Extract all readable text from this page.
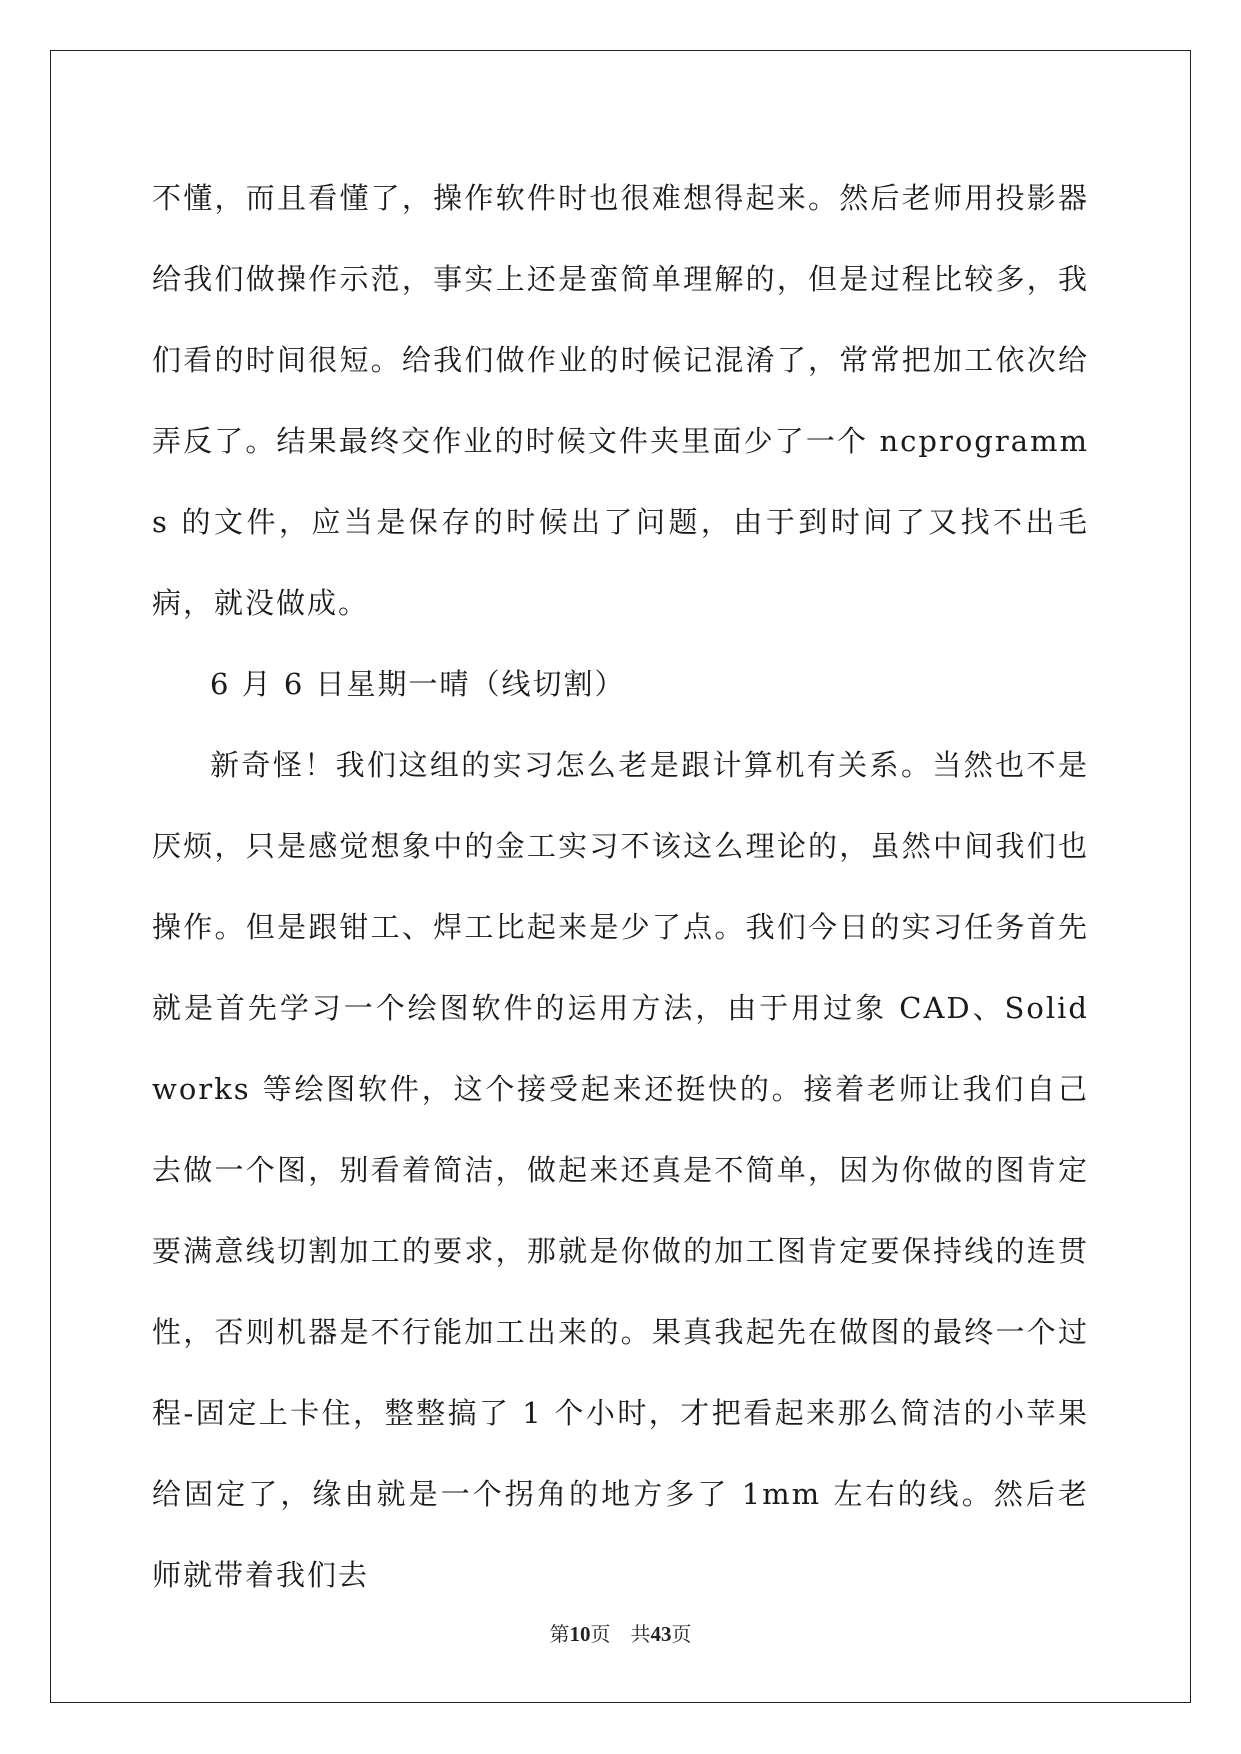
不懂，而且看懂了，操作软件时也很难想得起来。然后老师用投影器给我们做操作示范，事实上还是蛮简单理解的，但是过程比较多，我们看的时间很短。给我们做作业的时候记混淆了，常常把加工依次给弄反了。结果最终交作业的时候文件夹里面少了一个 ncprogramms 的文件，应当是保存的时候出了问题，由于到时间了又找不出毛病，就没做成。

6 月 6 日星期一晴（线切割）

新奇怪！我们这组的实习怎么老是跟计算机有关系。当然也不是厌烦，只是感觉想象中的金工实习不该这么理论的，虽然中间我们也操作。但是跟钳工、焊工比起来是少了点。我们今日的实习任务首先就是首先学习一个绘图软件的运用方法，由于用过象 CAD、Solidworks 等绘图软件，这个接受起来还挺快的。接着老师让我们自己去做一个图，别看着简洁，做起来还真是不简单，因为你做的图肯定要满意线切割加工的要求，那就是你做的加工图肯定要保持线的连贯性，否则机器是不行能加工出来的。果真我起先在做图的最终一个过程-固定上卡住，整整搞了 1 个小时，才把看起来那么简洁的小苹果给固定了，缘由就是一个拐角的地方多了 1mm 左右的线。然后老师就带着我们去

第10页　共43页
